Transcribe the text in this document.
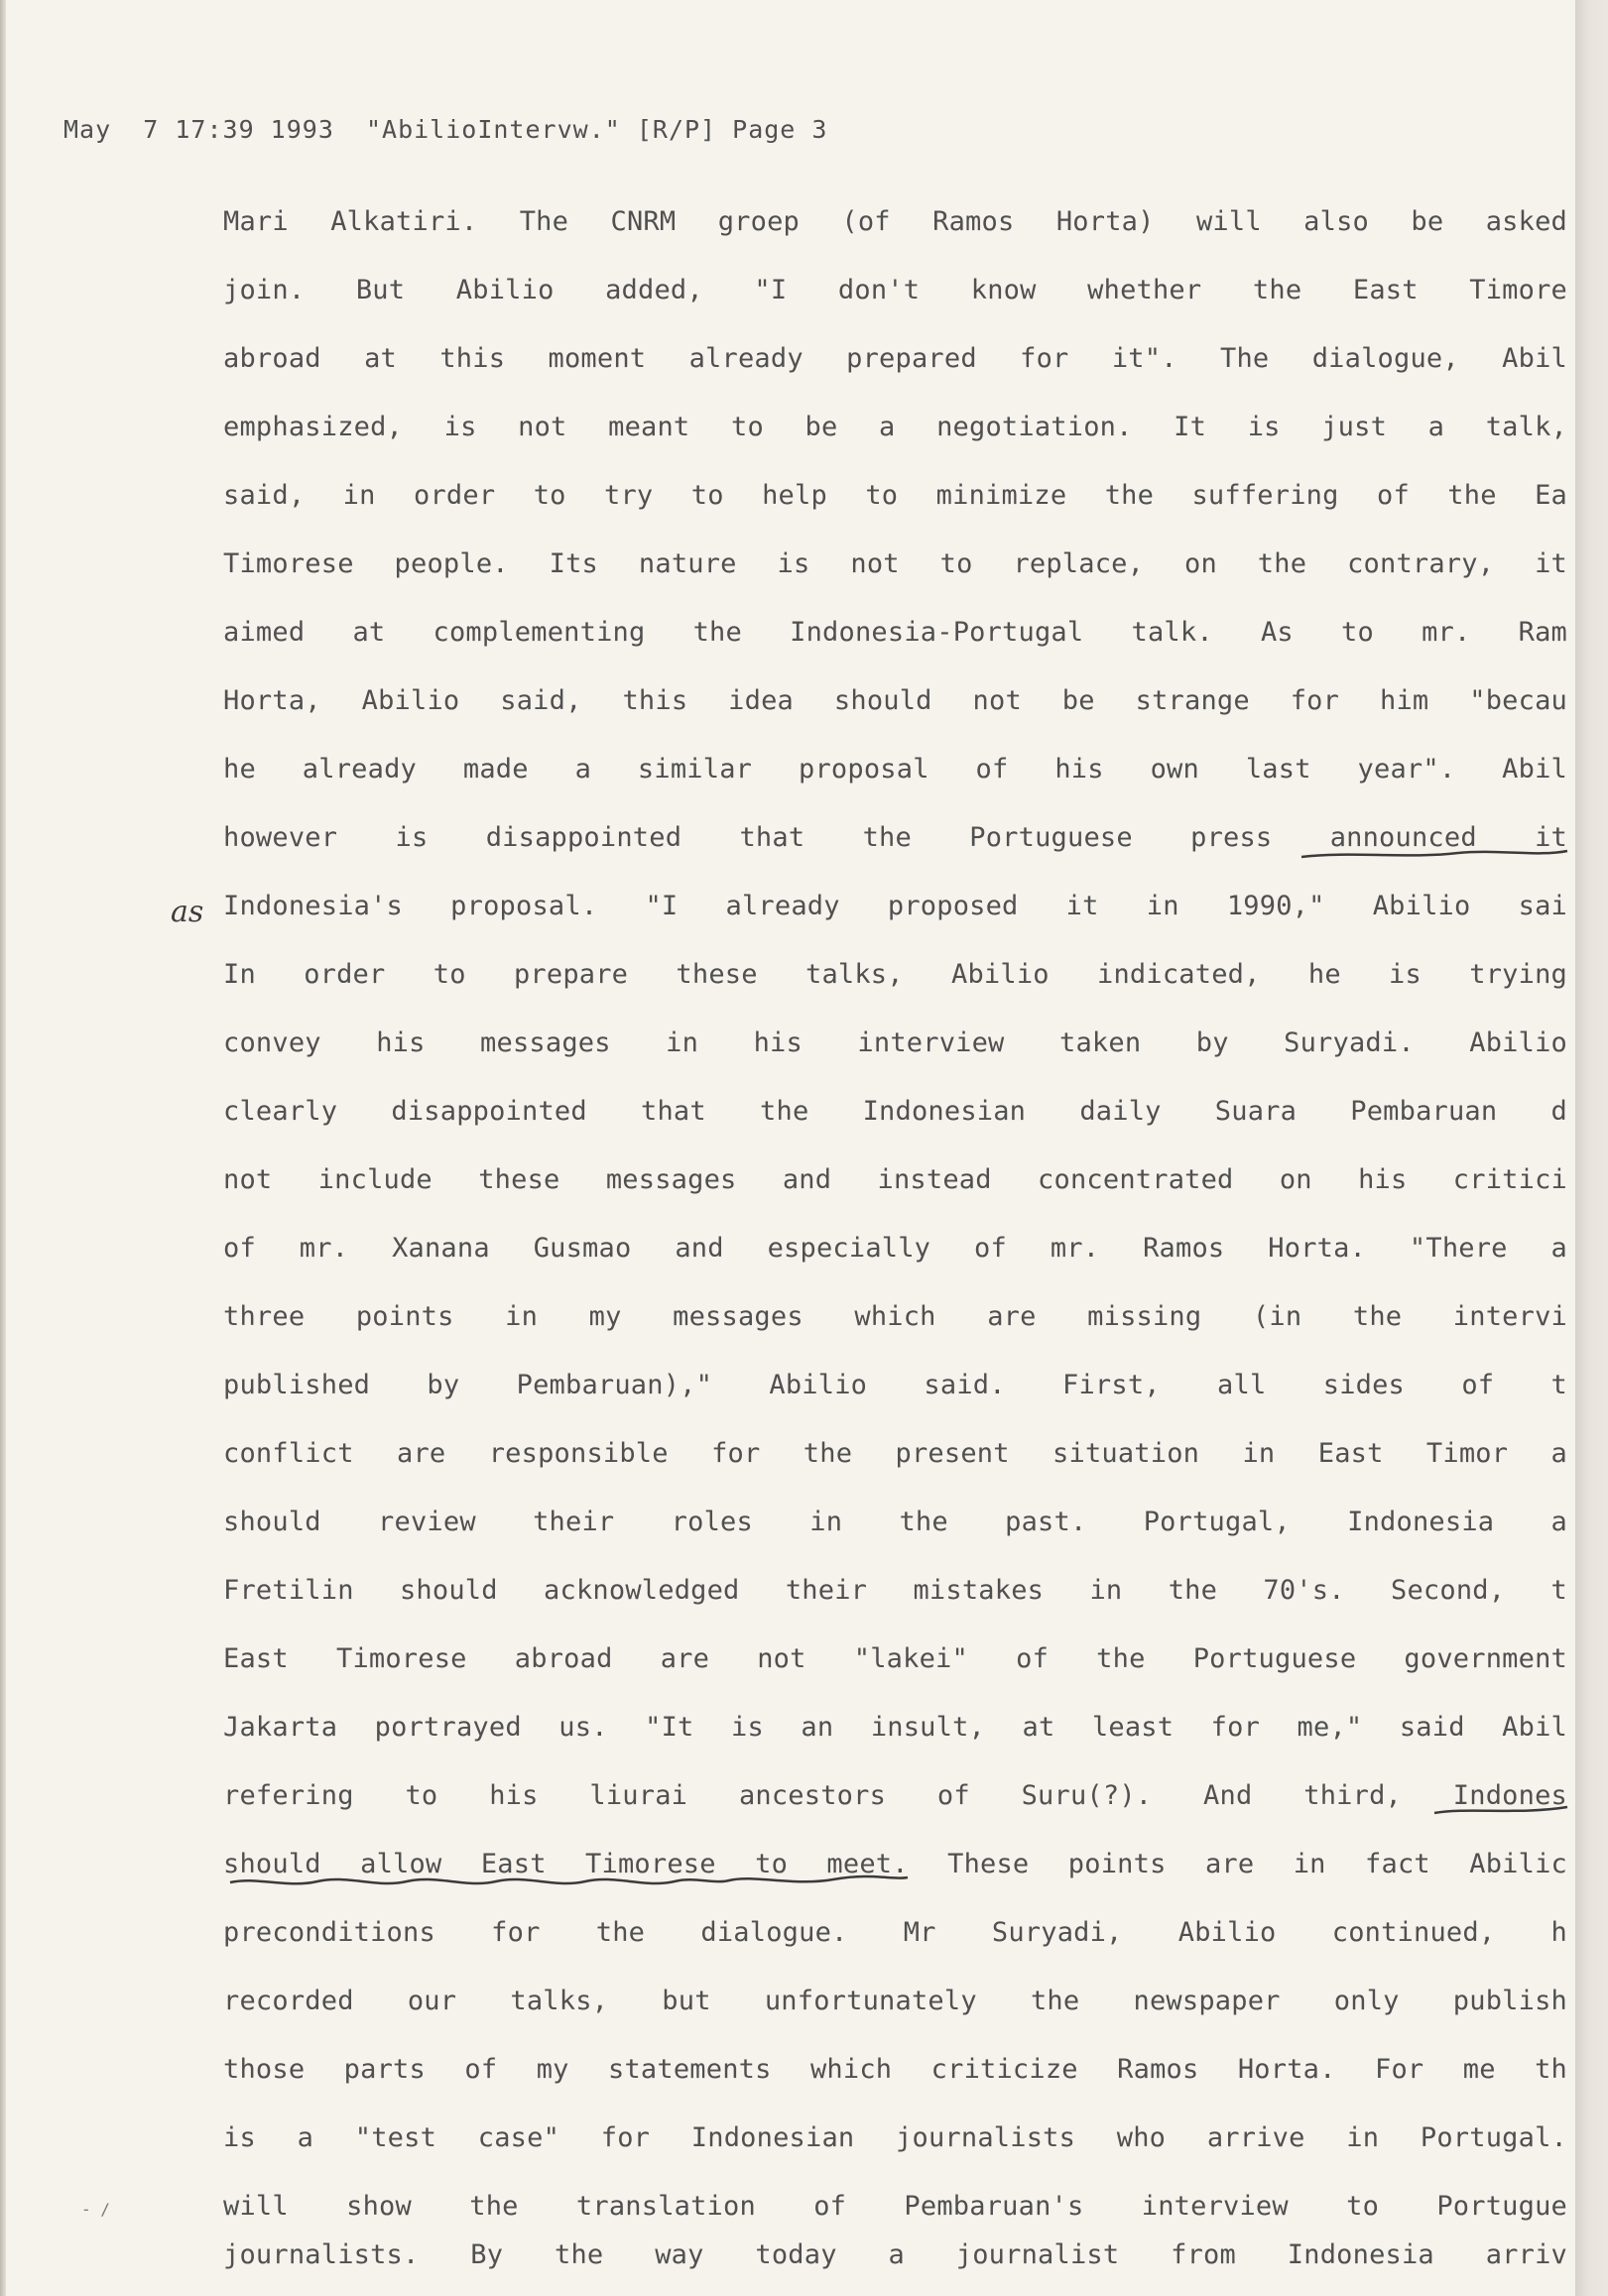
May  7 17:39 1993  "AbilioIntervw." [R/P] Page 3
as
- /
Mari Alkatiri. The CNRM groep (of Ramos Horta) will also be asked
join. But Abilio added, "I don't know whether the East Timore
abroad at this moment already prepared for it". The dialogue, Abil
emphasized, is not meant to be a negotiation. It is just a talk,
said, in order to try to help to minimize the suffering of the Ea
Timorese people. Its nature is not to replace, on the contrary, it
aimed at complementing the Indonesia-Portugal talk. As to mr. Ram
Horta, Abilio said, this idea should not be strange for him "becau
he already made a similar proposal of his own last year". Abil
however is disappointed that the Portuguese press announced it
Indonesia's proposal. "I already proposed it in 1990," Abilio sai
In order to prepare these talks, Abilio indicated, he is trying
convey his messages in his interview taken by Suryadi. Abilio
clearly disappointed that the Indonesian daily Suara Pembaruan d
not include these messages and instead concentrated on his critici
of mr. Xanana Gusmao and especially of mr. Ramos Horta. "There a
three points in my messages which are missing (in the intervi
published by Pembaruan)," Abilio said. First, all sides of t
conflict are responsible for the present situation in East Timor a
should review their roles in the past. Portugal, Indonesia a
Fretilin should acknowledged their mistakes in the 70's. Second, t
East Timorese abroad are not "lakei" of the Portuguese government
Jakarta portrayed us. "It is an insult, at least for me," said Abil
refering to his liurai ancestors of Suru(?). And third, Indones
should allow East Timorese to meet. These points are in fact Abilic
preconditions for the dialogue. Mr Suryadi, Abilio continued, h
recorded our talks, but unfortunately the newspaper only publish
those parts of my statements which criticize Ramos Horta. For me th
is a "test case" for Indonesian journalists who arrive in Portugal.
will show the translation of Pembaruan's interview to Portugue
journalists. By the way today a journalist from Indonesia arriv
